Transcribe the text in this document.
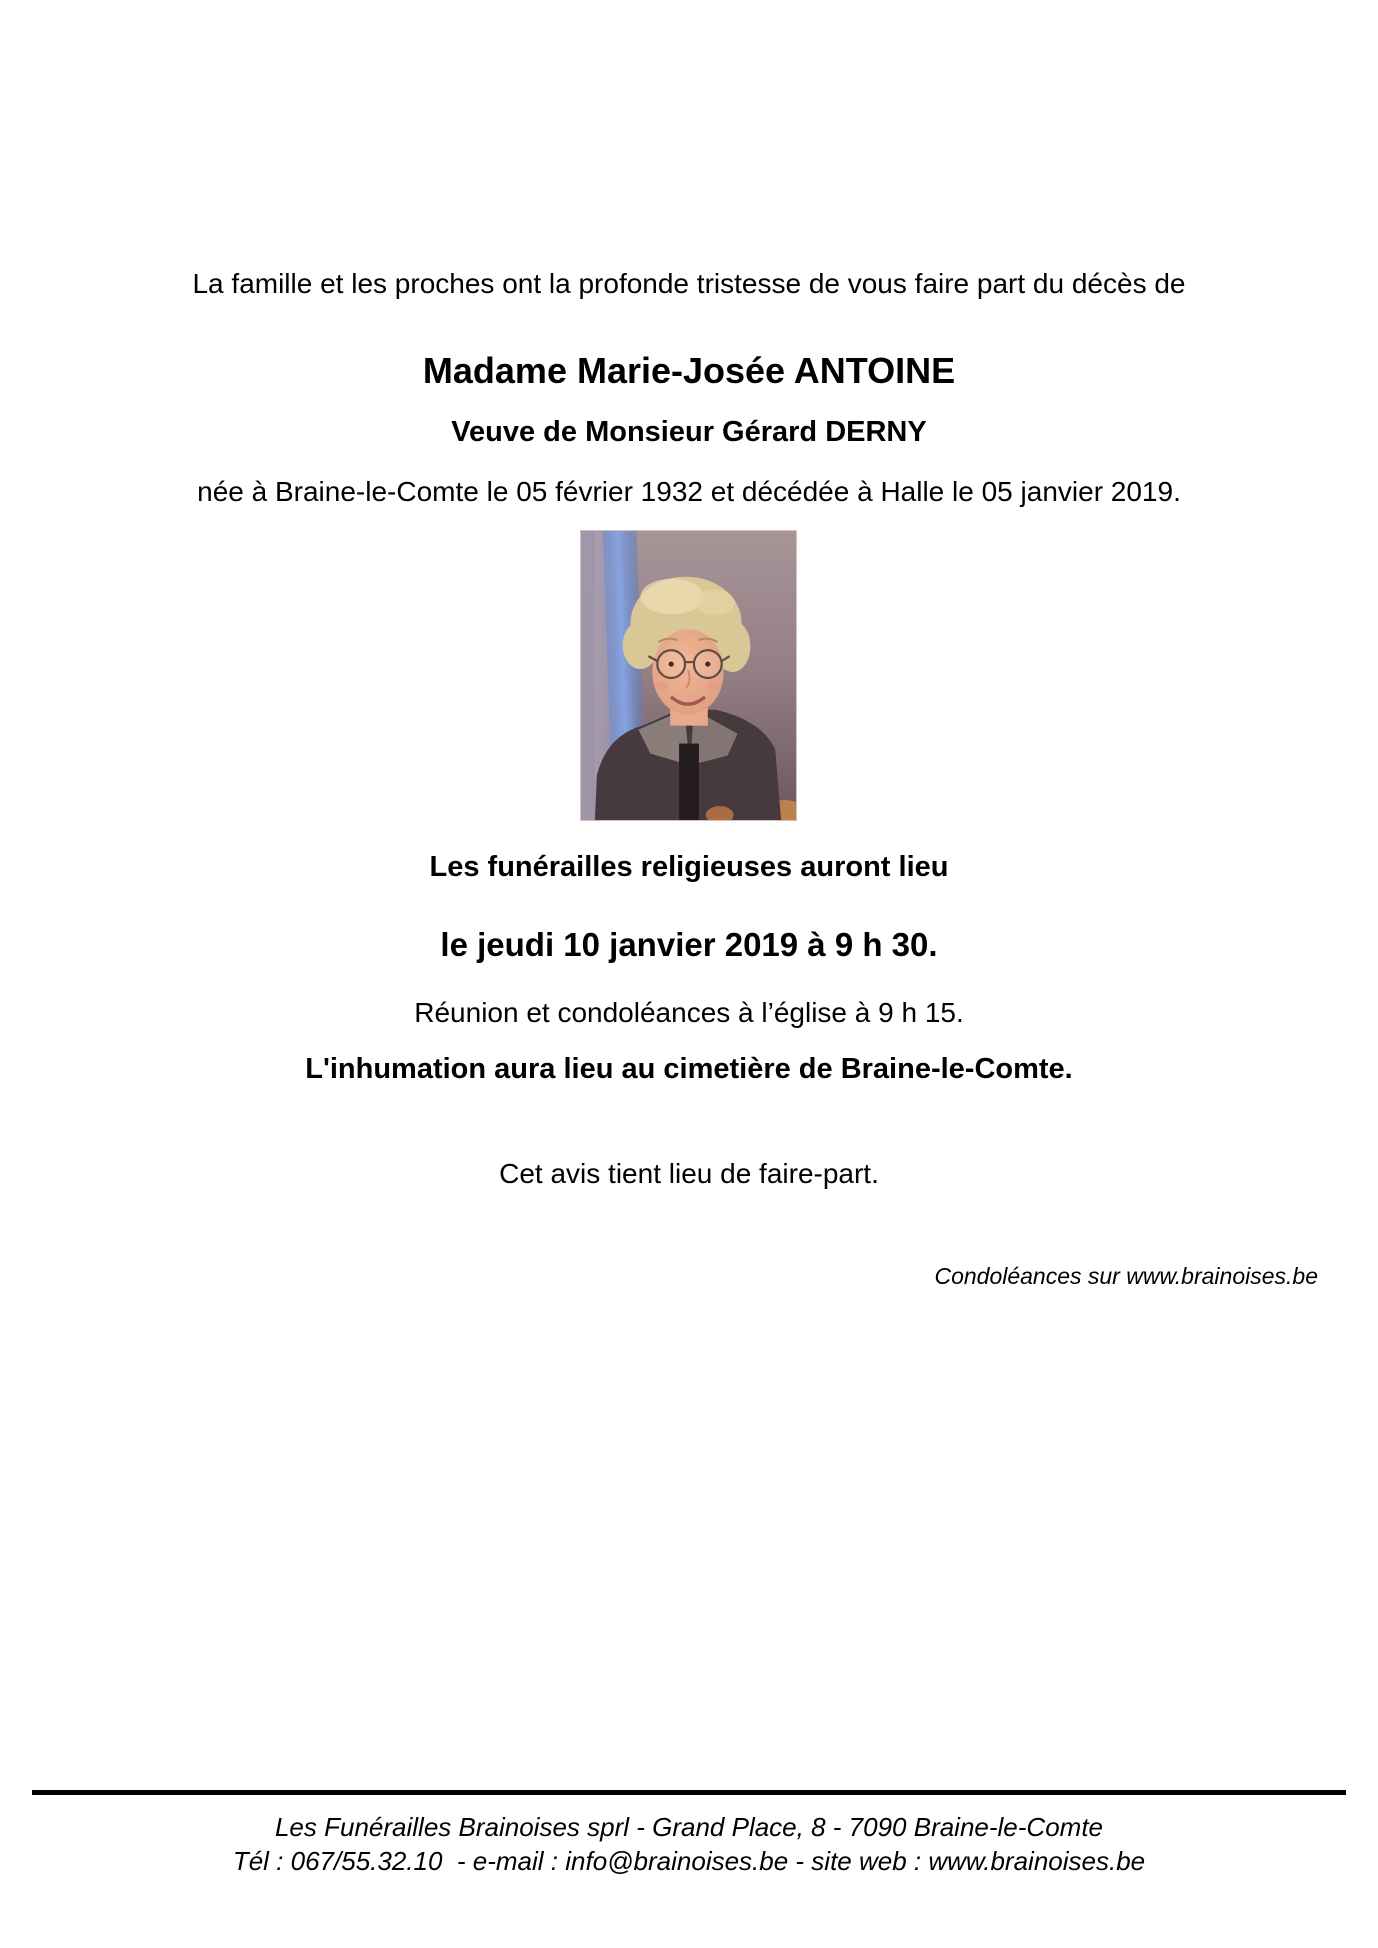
La famille et les proches ont la profonde tristesse de vous faire part du décès de
Madame Marie-Josée ANTOINE
Veuve de Monsieur Gérard DERNY
née à Braine-le-Comte le 05 février 1932 et décédée à Halle le 05 janvier 2019.
Les funérailles religieuses auront lieu
le jeudi 10 janvier 2019 à 9 h 30.
Réunion et condoléances à l’église à 9 h 15.
L'inhumation aura lieu au cimetière de Braine-le-Comte.
Cet avis tient lieu de faire-part.
Condoléances sur www.brainoises.be
Les Funérailles Brainoises sprl - Grand Place, 8 - 7090 Braine-le-Comte
Tél : 067/55.32.10  - e-mail : info@brainoises.be - site web : www.brainoises.be
